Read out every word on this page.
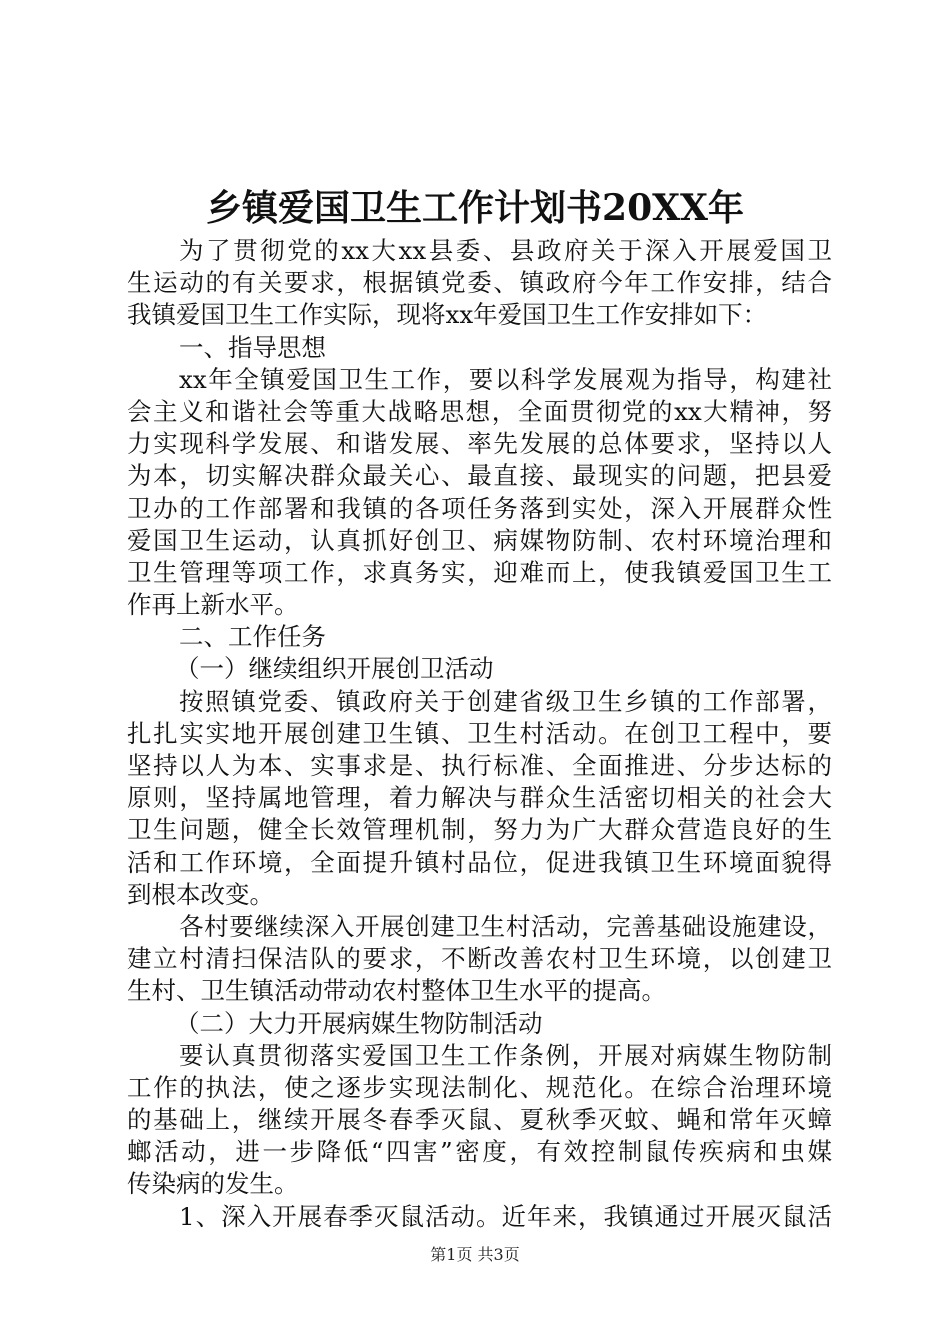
乡镇爱国卫生工作计划书20XX年
为了贯彻党的xx大xx县委、县政府关于深入开展爱国卫
生运动的有关要求，根据镇党委、镇政府今年工作安排，结合
我镇爱国卫生工作实际，现将xx年爱国卫生工作安排如下：
一、指导思想
xx年全镇爱国卫生工作，要以科学发展观为指导，构建社
会主义和谐社会等重大战略思想，全面贯彻党的xx大精神，努
力实现科学发展、和谐发展、率先发展的总体要求，坚持以人
为本，切实解决群众最关心、最直接、最现实的问题，把县爱
卫办的工作部署和我镇的各项任务落到实处，深入开展群众性
爱国卫生运动，认真抓好创卫、病媒物防制、农村环境治理和
卫生管理等项工作，求真务实，迎难而上，使我镇爱国卫生工
作再上新水平。
二、工作任务
（一）继续组织开展创卫活动
按照镇党委、镇政府关于创建省级卫生乡镇的工作部署，
扎扎实实地开展创建卫生镇、卫生村活动。在创卫工程中，要
坚持以人为本、实事求是、执行标准、全面推进、分步达标的
原则，坚持属地管理，着力解决与群众生活密切相关的社会大
卫生问题，健全长效管理机制，努力为广大群众营造良好的生
活和工作环境，全面提升镇村品位，促进我镇卫生环境面貌得
到根本改变。
各村要继续深入开展创建卫生村活动，完善基础设施建设，
建立村清扫保洁队的要求，不断改善农村卫生环境，以创建卫
生村、卫生镇活动带动农村整体卫生水平的提高。
（二）大力开展病媒生物防制活动
要认真贯彻落实爱国卫生工作条例，开展对病媒生物防制
工作的执法，使之逐步实现法制化、规范化。在综合治理环境
的基础上，继续开展冬春季灭鼠、夏秋季灭蚊、蝇和常年灭蟑
螂活动，进一步降低“四害”密度，有效控制鼠传疾病和虫媒
传染病的发生。
1、深入开展春季灭鼠活动。近年来，我镇通过开展灭鼠活
第1页 共3页
